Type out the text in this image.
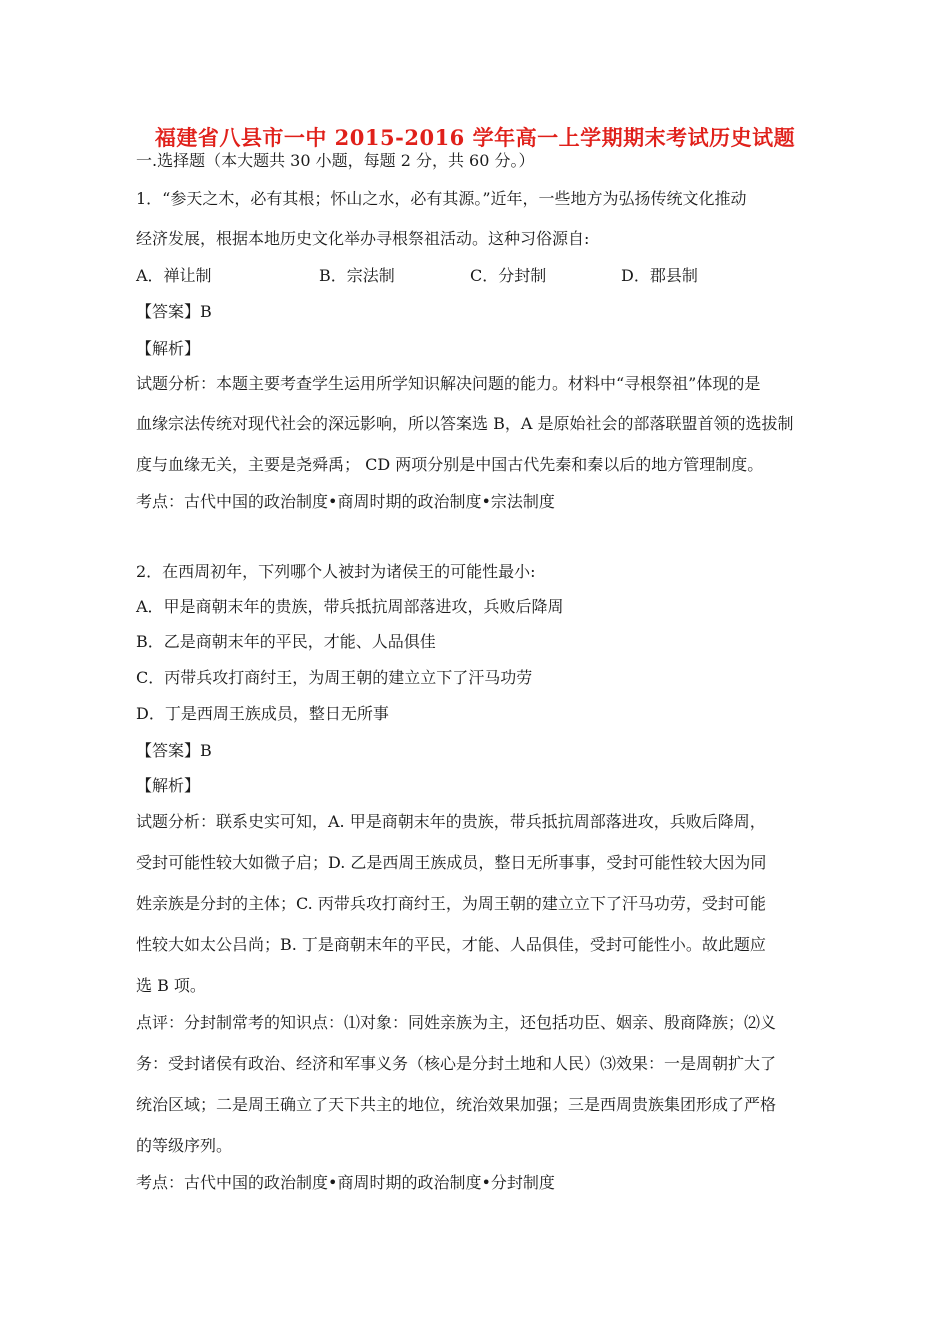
福建省八县市一中 2015-2016 学年高一上学期期末考试历史试题
一.选择题（本大题共 30 小题，每题 2 分，共 60 分。）
1．“参天之木，必有其根；怀山之水，必有其源。”近年，一些地方为弘扬传统文化推动
经济发展，根据本地历史文化举办寻根祭祖活动。这种习俗源自:
A．禅让制	B．宗法制	C．分封制	D．郡县制
【答案】B
【解析】
试题分析：本题主要考查学生运用所学知识解决问题的能力。材料中“寻根祭祖”体现的是
血缘宗法传统对现代社会的深远影响，所以答案选 B，A 是原始社会的部落联盟首领的选拔制
度与血缘无关，主要是尧舜禹； CD 两项分别是中国古代先秦和秦以后的地方管理制度。
考点：古代中国的政治制度•商周时期的政治制度•宗法制度
2．在西周初年，下列哪个人被封为诸侯王的可能性最小:
A．甲是商朝末年的贵族，带兵抵抗周部落进攻，兵败后降周
B．乙是商朝末年的平民，才能、人品俱佳
C．丙带兵攻打商纣王，为周王朝的建立立下了汗马功劳
D．丁是西周王族成员，整日无所事
【答案】B
【解析】
试题分析：联系史实可知，A. 甲是商朝末年的贵族，带兵抵抗周部落进攻，兵败后降周，
受封可能性较大如微子启；D. 乙是西周王族成员，整日无所事事，受封可能性较大因为同
姓亲族是分封的主体；C. 丙带兵攻打商纣王，为周王朝的建立立下了汗马功劳，受封可能
性较大如太公吕尚；B. 丁是商朝末年的平民，才能、人品俱佳，受封可能性小。故此题应
选 B 项。
点评：分封制常考的知识点：⑴对象：同姓亲族为主，还包括功臣、姻亲、殷商降族；⑵义
务：受封诸侯有政治、经济和军事义务（核心是分封土地和人民）⑶效果：一是周朝扩大了
统治区域；二是周王确立了天下共主的地位，统治效果加强；三是西周贵族集团形成了严格
的等级序列。
考点：古代中国的政治制度•商周时期的政治制度•分封制度
